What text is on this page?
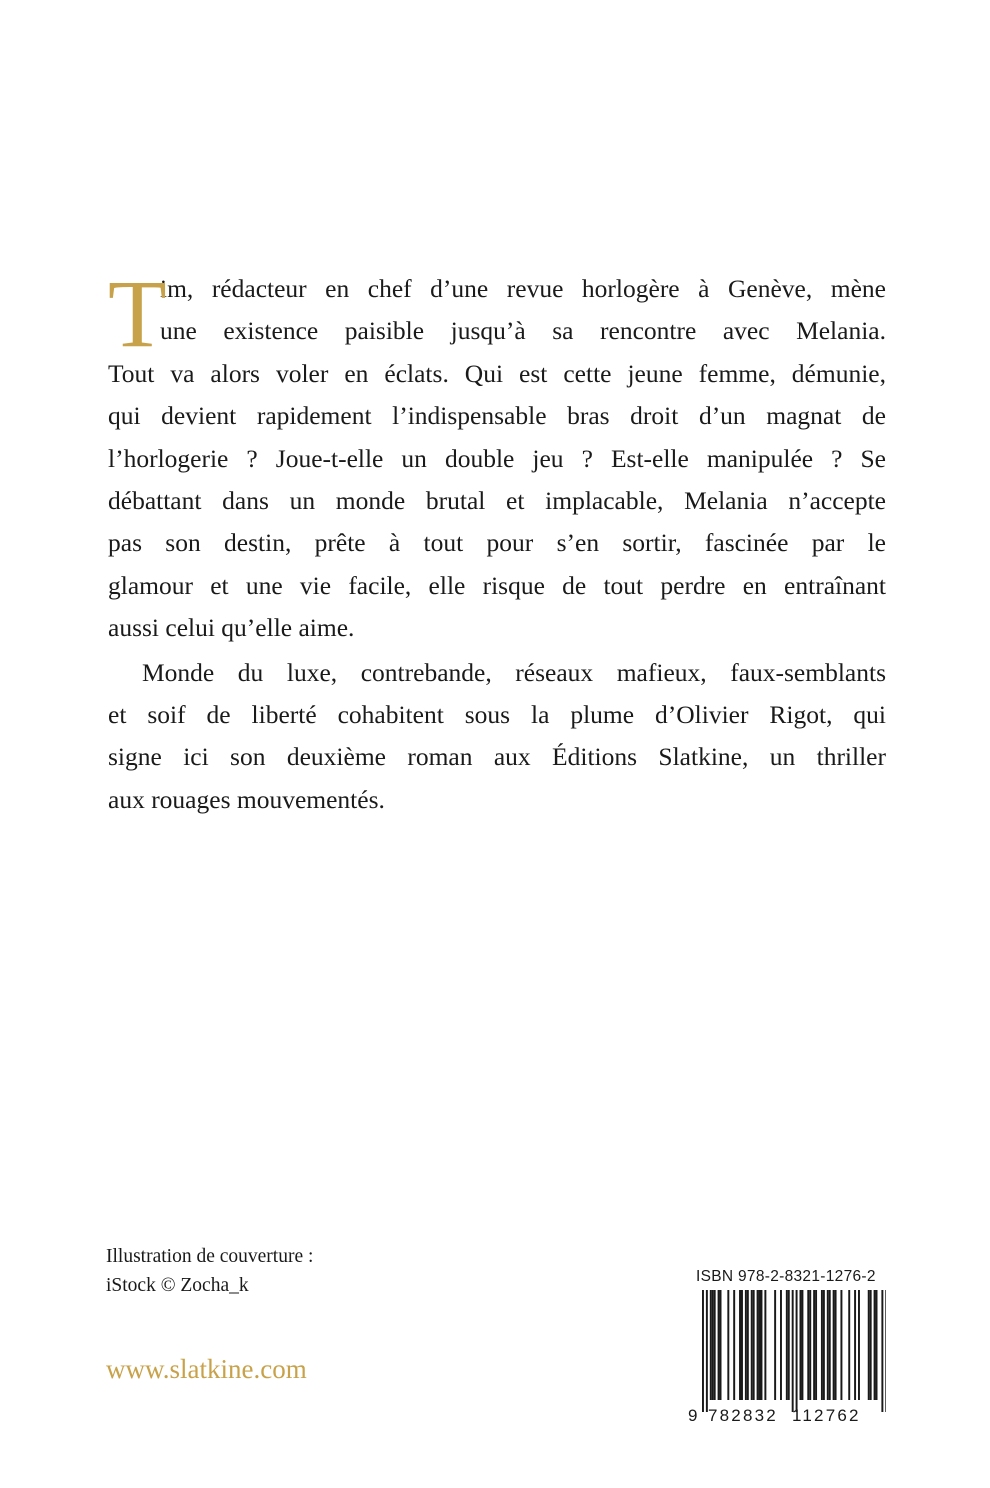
T
im, rédacteur en chef d’une revue horlogère à Genève, mène
une existence paisible jusqu’à sa rencontre avec Melania.
Tout va alors voler en éclats. Qui est cette jeune femme, démunie,
qui devient rapidement l’indispensable bras droit d’un magnat de
l’horlogerie ? Joue-t-elle un double jeu ? Est-elle manipulée ? Se
débattant dans un monde brutal et implacable, Melania n’accepte
pas son destin, prête à tout pour s’en sortir, fascinée par le
glamour et une vie facile, elle risque de tout perdre en entraînant
aussi celui qu’elle aime.

Monde du luxe, contrebande, réseaux mafieux, faux-semblants
et soif de liberté cohabitent sous la plume d’Olivier Rigot, qui
signe ici son deuxième roman aux Éditions Slatkine, un thriller
aux rouages mouvementés.

Illustration de couverture :
iStock © Zocha_k
www.slatkine.com
ISBN 978-2-8321-1276-2
9 782832 112762
